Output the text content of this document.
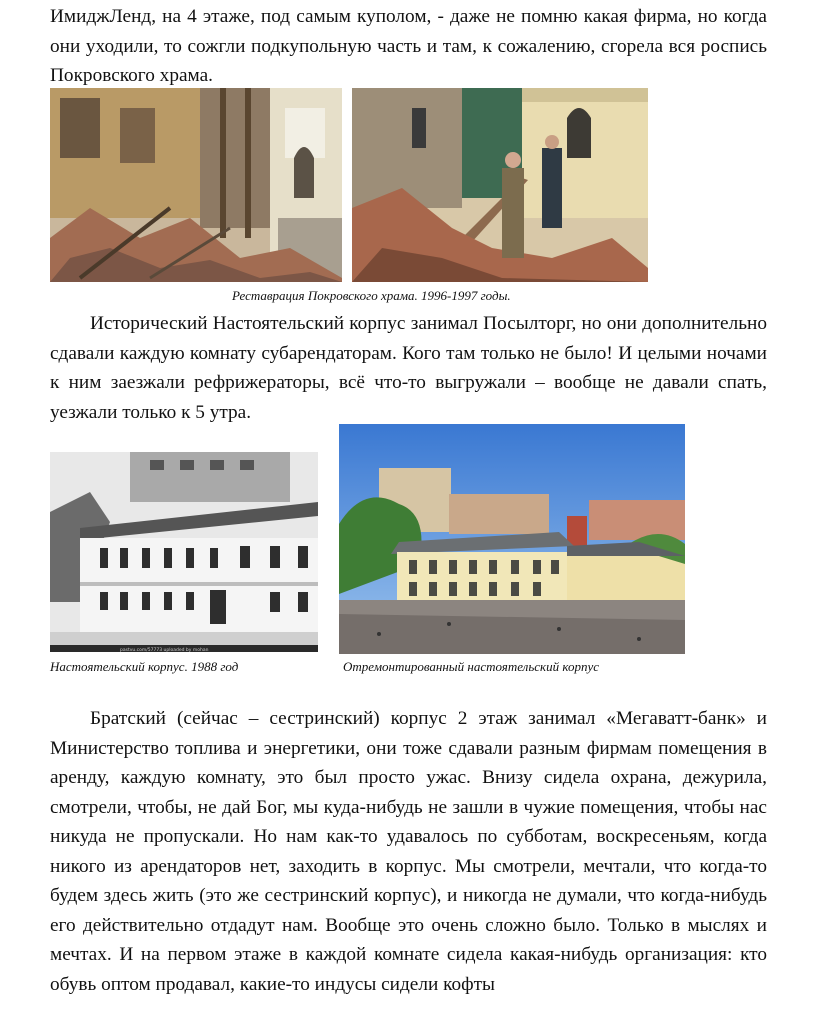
ИмиджЛенд, на 4 этаже, под самым куполом, - даже не помню какая фирма, но когда они уходили, то сожгли подкупольную часть и там, к сожалению, сгорела вся роспись Покровского храма.

Реставрация Покровского храма. 1996-1997 годы.

Исторический Настоятельский корпус занимал Посылторг, но они дополнительно сдавали каждую комнату субарендаторам. Кого там только не было! И целыми ночами к ним заезжали рефрижераторы, всё что-то выгружали – вообще не давали спать, уезжали только к 5 утра.

pastvu.com/57773 uploaded by mohan

Настоятельский корпус. 1988 год	Отремонтированный настоятельский корпус

Братский (сейчас – сестринский) корпус 2 этаж занимал «Мегаватт-банк» и Министерство топлива и энергетики, они тоже сдавали разным фирмам помещения в аренду, каждую комнату, это был просто ужас. Внизу сидела охрана, дежурила, смотрели, чтобы, не дай Бог, мы куда-нибудь не зашли в чужие помещения, чтобы нас никуда не пропускали. Но нам как-то удавалось по субботам, воскресеньям, когда никого из арендаторов нет, заходить в корпус. Мы смотрели, мечтали, что когда-то будем здесь жить (это же сестринский корпус), и никогда не думали, что когда-нибудь его действительно отдадут нам. Вообще это очень сложно было. Только в мыслях и мечтах. И на первом этаже в каждой комнате сидела какая-нибудь организация: кто обувь оптом продавал, какие-то индусы сидели кофты
